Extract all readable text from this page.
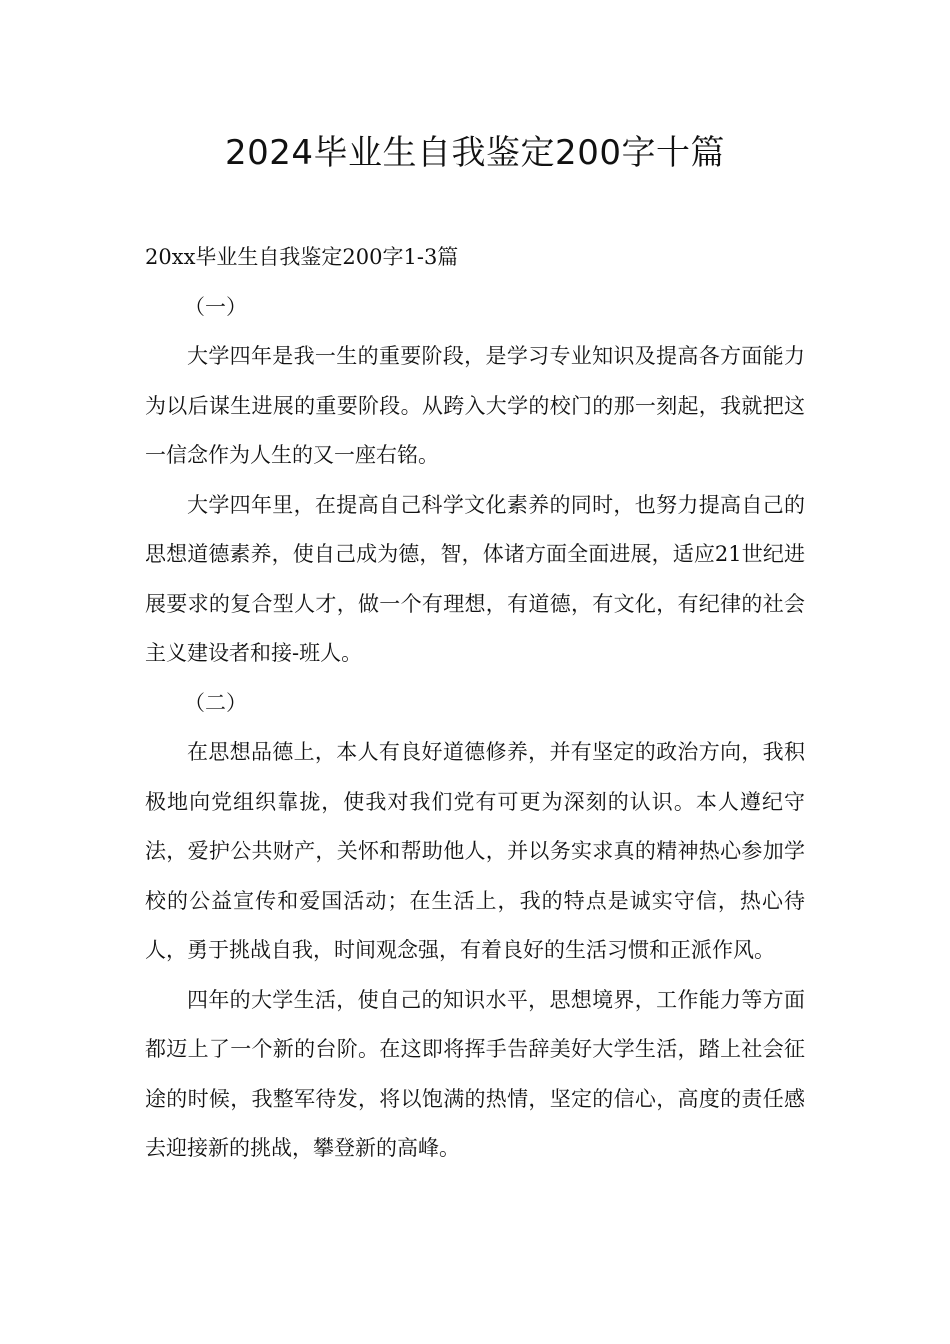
2024毕业生自我鉴定200字十篇

20xx毕业生自我鉴定200字1-3篇

（一）

大学四年是我一生的重要阶段，是学习专业知识及提高各方面能力为以后谋生进展的重要阶段。从跨入大学的校门的那一刻起，我就把这一信念作为人生的又一座右铭。

大学四年里，在提高自己科学文化素养的同时，也努力提高自己的思想道德素养，使自己成为德，智，体诸方面全面进展，适应21世纪进展要求的复合型人才，做一个有理想，有道德，有文化，有纪律的社会主义建设者和接-班人。

（二）

在思想品德上，本人有良好道德修养，并有坚定的政治方向，我积极地向党组织靠拢，使我对我们党有可更为深刻的认识。本人遵纪守法，爱护公共财产，关怀和帮助他人，并以务实求真的精神热心参加学校的公益宣传和爱国活动；在生活上，我的特点是诚实守信，热心待人，勇于挑战自我，时间观念强，有着良好的生活习惯和正派作风。

四年的大学生活，使自己的知识水平，思想境界，工作能力等方面都迈上了一个新的台阶。在这即将挥手告辞美好大学生活，踏上社会征途的时候，我整军待发，将以饱满的热情，坚定的信心，高度的责任感去迎接新的挑战，攀登新的高峰。
